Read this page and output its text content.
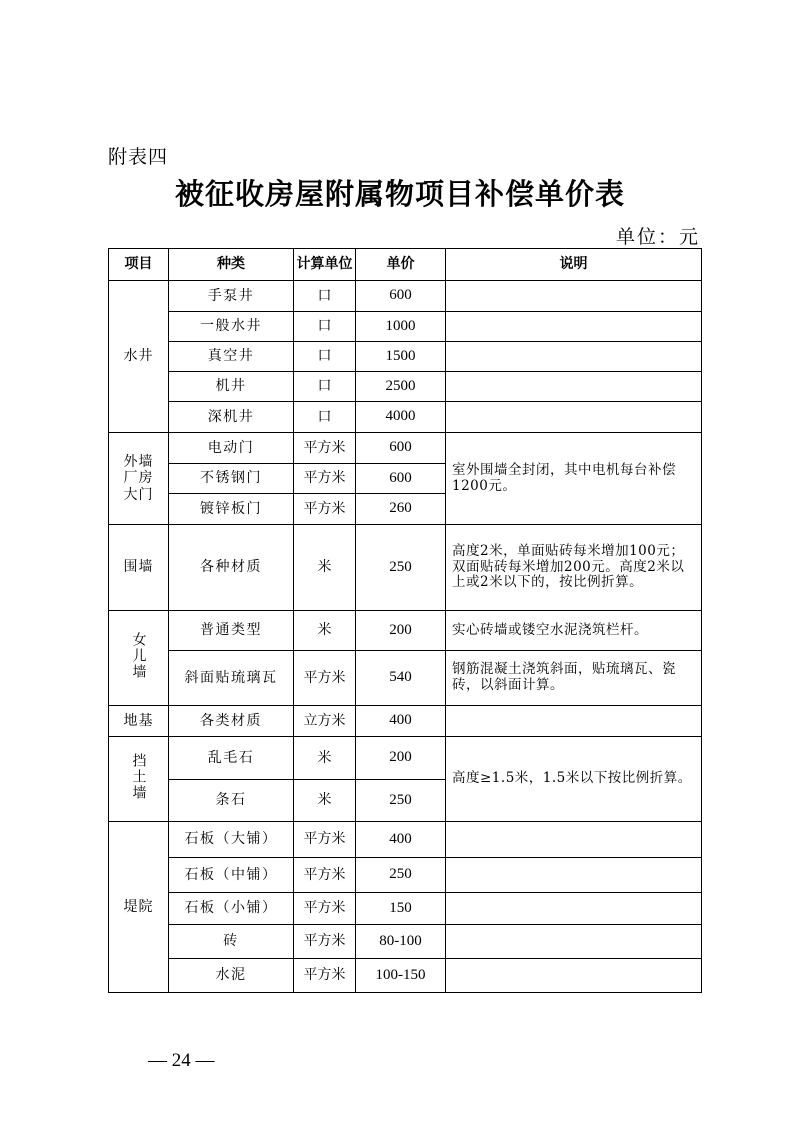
附表四
被征收房屋附属物项目补偿单价表
单位：元
项目	种类	计算单位	单价	说明
水井	手泵井	口	600	
	一般水井	口	1000	
	真空井	口	1500	
	机井	口	2500	
	深机井	口	4000	

外墙
厂房
大门	电动门	平方米	600	室外围墙全封闭，其中电机每台补偿1200元。
	不锈钢门	平方米	600	
	镀锌板门	平方米	260	
围墙	各种材质	米	250	高度2米，单面贴砖每米增加100元；双面贴砖每米增加200元。高度2米以上或2米以下的，按比例折算。
女儿墙	普通类型	米	200	实心砖墙或镂空水泥浇筑栏杆。
	斜面贴琉璃瓦	平方米	540	钢筋混凝土浇筑斜面，贴琉璃瓦、瓷砖，以斜面计算。
地基	各类材质	立方米	400	
挡土墙	乱毛石	米	200	高度≥1.5米，1.5米以下按比例折算。
	条石	米	250	
堤院	石板（大铺）	平方米	400	
	石板（中铺）	平方米	250	
	石板（小铺）	平方米	150	
	砖	平方米	80-100	
	水泥	平方米	100-150	
— 24 —
